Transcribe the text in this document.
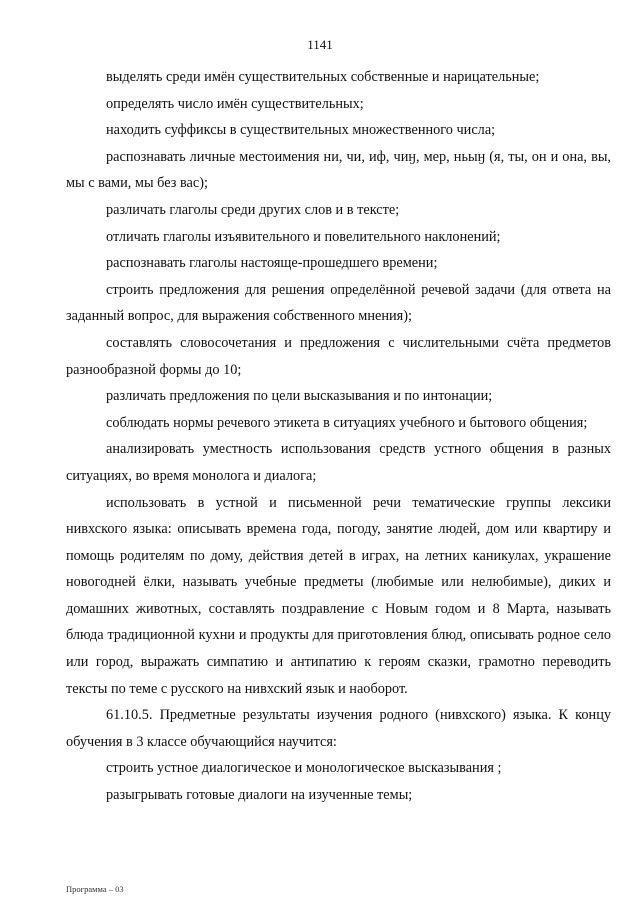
1141

выделять среди имён существительных собственные и нарицательные;

определять число имён существительных;

находить суффиксы в существительных множественного числа;

распознавать личные местоимения ни, чи, иф, чиӈ, мер, ньыӈ (я, ты, он и она, вы, мы с вами, мы без вас);

различать глаголы среди других слов и в тексте;

отличать глаголы изъявительного и повелительного наклонений;

распознавать глаголы настояще-прошедшего времени;

строить предложения для решения определённой речевой задачи (для ответа на заданный вопрос, для выражения собственного мнения);

составлять словосочетания и предложения с числительными счёта предметов разнообразной формы до 10;

различать предложения по цели высказывания и по интонации;

соблюдать нормы речевого этикета в ситуациях учебного и бытового общения;

анализировать уместность использования средств устного общения в разных ситуациях, во время монолога и диалога;

использовать в устной и письменной речи тематические группы лексики нивхского языка: описывать времена года, погоду, занятие людей, дом или квартиру и помощь родителям по дому, действия детей в играх, на летних каникулах, украшение новогодней ёлки, называть учебные предметы (любимые или нелюбимые), диких и домашних животных, составлять поздравление с Новым годом и 8 Марта, называть блюда традиционной кухни и продукты для приготовления блюд, описывать родное село или город, выражать симпатию и антипатию к героям сказки, грамотно переводить тексты по теме с русского на нивхский язык и наоборот.

61.10.5. Предметные результаты изучения родного (нивхского) языка. К концу обучения в 3 классе обучающийся научится:

строить устное диалогическое и монологическое высказывания ;

разыгрывать готовые диалоги на изученные темы;

Программа – 03
